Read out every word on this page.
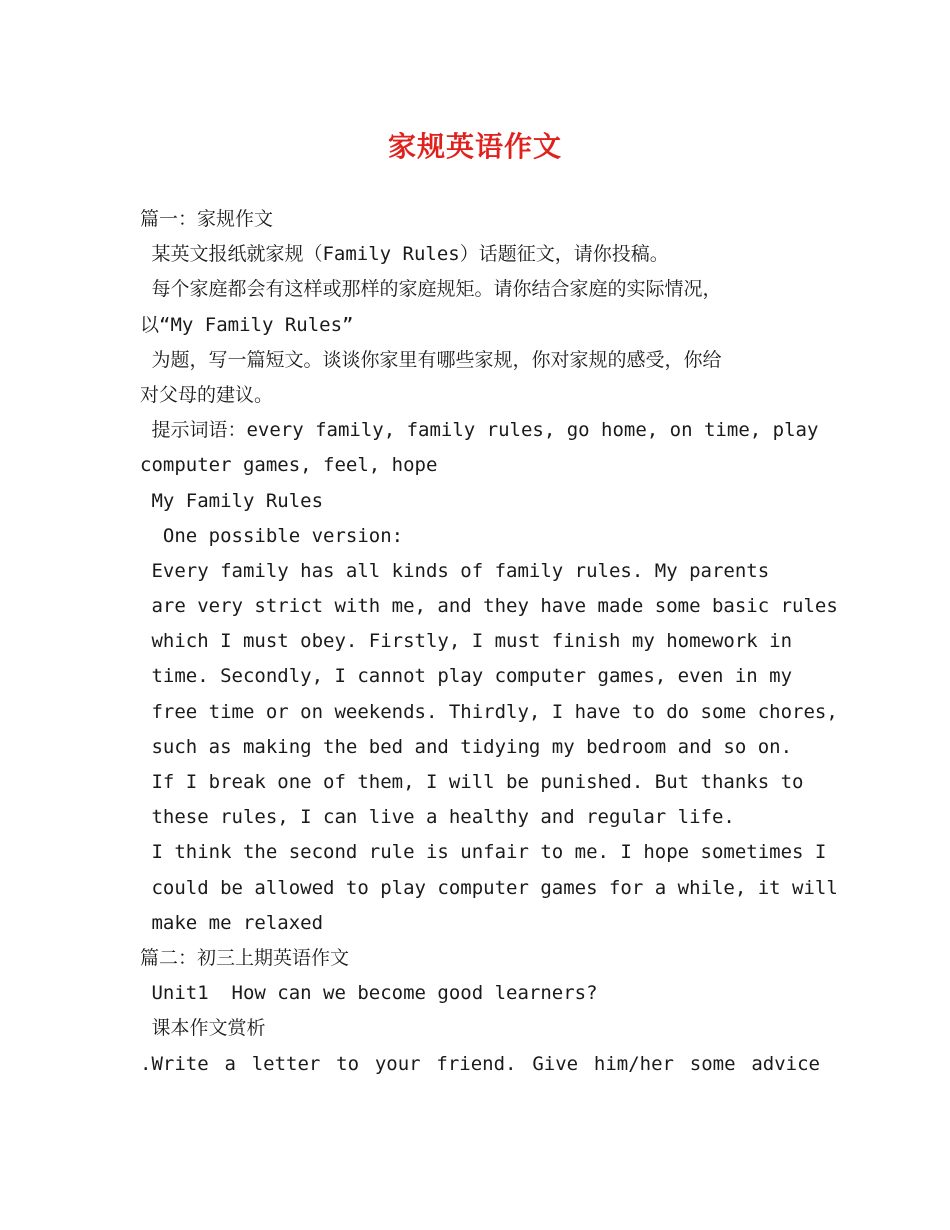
家规英语作文
篇一：家规作文
某英文报纸就家规（Family Rules）话题征文，请你投稿。
每个家庭都会有这样或那样的家庭规矩。请你结合家庭的实际情况，
以“My Family Rules”
为题，写一篇短文。谈谈你家里有哪些家规，你对家规的感受，你给
对父母的建议。
提示词语：every family, family rules, go home, on time, play
computer games, feel, hope
My Family Rules
One possible version:
Every family has all kinds of family rules. My parents
are very strict with me, and they have made some basic rules
which I must obey. Firstly, I must finish my homework in
time. Secondly, I cannot play computer games, even in my
free time or on weekends. Thirdly, I have to do some chores,
such as making the bed and tidying my bedroom and so on.
If I break one of them, I will be punished. But thanks to
these rules, I can live a healthy and regular life.
I think the second rule is unfair to me. I hope sometimes I
could be allowed to play computer games for a while, it will
make me relaxed
篇二：初三上期英语作文
Unit1  How can we become good learners?
课本作文赏析
.Write a letter to your friend. Give him/her some advice
